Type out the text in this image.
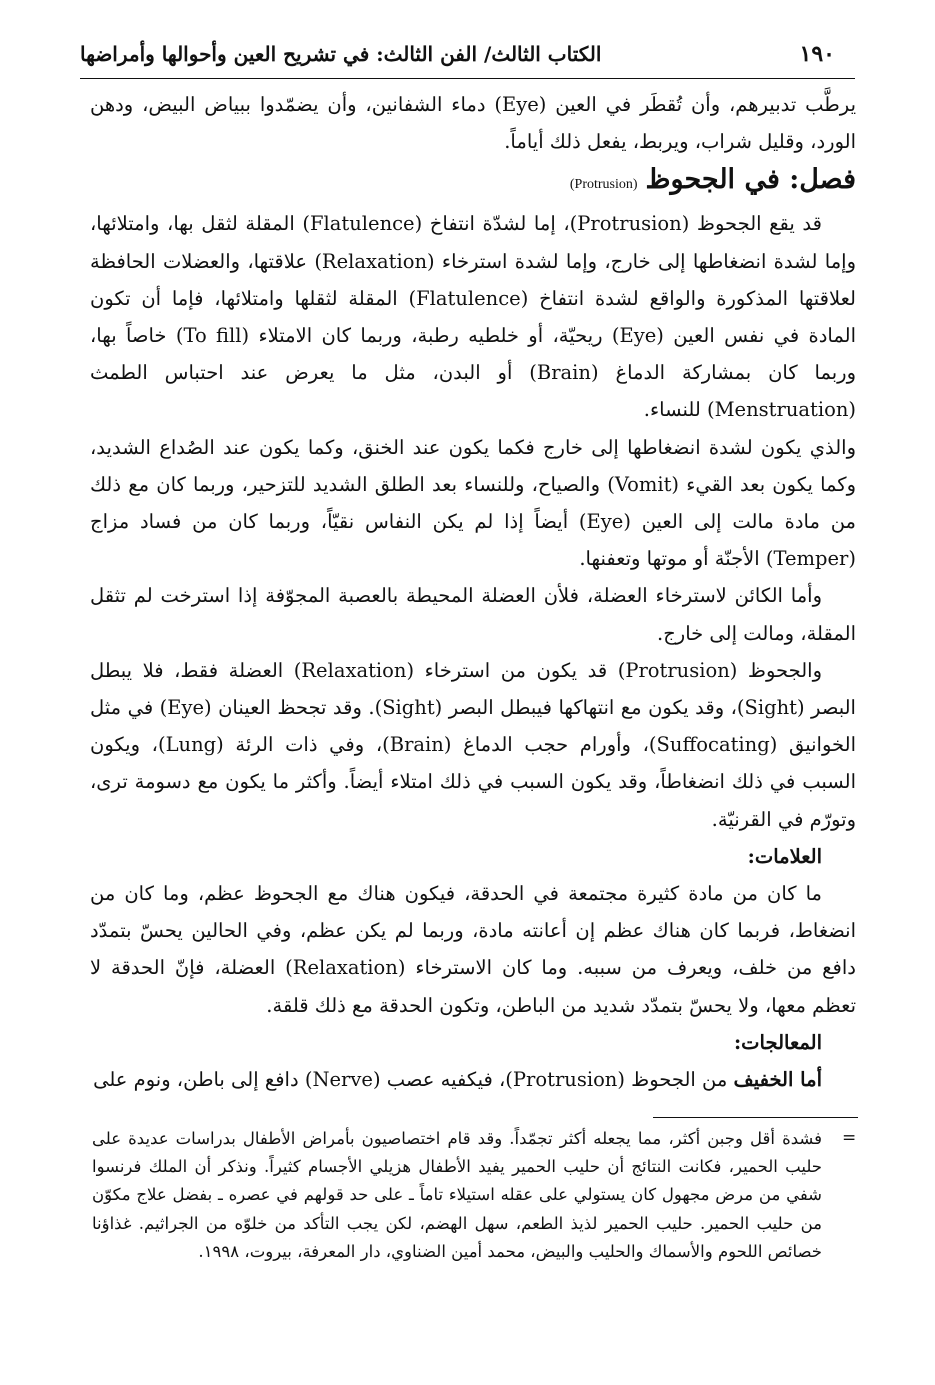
١٩٠
الكتاب الثالث/ الفن الثالث: في تشريح العين وأحوالها وأمراضها

يرطَّب تدبيرهم، وأن تُقطَر في العين (Eye) دماء الشفانين، وأن يضمّدوا ببياض البيض، ودهن الورد، وقليل شراب، ويربط، يفعل ذلك أياماً.

فصل: في الجحوظ(Protrusion)

قد يقع الجحوظ (Protrusion)، إما لشدّة انتفاخ (Flatulence) المقلة لثقل بها، وامتلائها، وإما لشدة انضغاطها إلى خارج، وإما لشدة استرخاء (Relaxation) علاقتها، والعضلات الحافظة لعلاقتها المذكورة والواقع لشدة انتفاخ (Flatulence) المقلة لثقلها وامتلائها، فإما أن تكون المادة في نفس العين (Eye) ريحيّة، أو خلطيه رطبة، وربما كان الامتلاء (To fill) خاصاً بها، وربما كان بمشاركة الدماغ (Brain) أو البدن، مثل ما يعرض عند احتباس الطمث (Menstruation) للنساء.

والذي يكون لشدة انضغاطها إلى خارج فكما يكون عند الخنق، وكما يكون عند الصُداع الشديد، وكما يكون بعد القيء (Vomit) والصياح، وللنساء بعد الطلق الشديد للتزحير، وربما كان مع ذلك من مادة مالت إلى العين (Eye) أيضاً إذا لم يكن النفاس نقيّاً، وربما كان من فساد مزاج (Temper) الأجنّة أو موتها وتعفنها.

وأما الكائن لاسترخاء العضلة، فلأن العضلة المحيطة بالعصبة المجوّفة إذا استرخت لم تثقل المقلة، ومالت إلى خارج.

والجحوظ (Protrusion) قد يكون من استرخاء (Relaxation) العضلة فقط، فلا يبطل البصر (Sight)، وقد يكون مع انتهاكها فيبطل البصر (Sight). وقد تجحظ العينان (Eye) في مثل الخوانيق (Suffocating)، وأورام حجب الدماغ (Brain)، وفي ذات الرئة (Lung)، ويكون السبب في ذلك انضغاطاً، وقد يكون السبب في ذلك امتلاء أيضاً. وأكثر ما يكون مع دسومة ترى، وتورّم في القرنيّة.

العلامات:

ما كان من مادة كثيرة مجتمعة في الحدقة، فيكون هناك مع الجحوظ عظم، وما كان من انضغاط، فربما كان هناك عظم إن أعانته مادة، وربما لم يكن عظم، وفي الحالين يحسّ بتمدّد دافع من خلف، ويعرف من سببه. وما كان الاسترخاء (Relaxation) العضلة، فإنّ الحدقة لا تعظم معها، ولا يحسّ بتمدّد شديد من الباطن، وتكون الحدقة مع ذلك قلقة.

المعالجات:

أما الخفيف من الجحوظ (Protrusion)، فيكفيه عصب (Nerve) دافع إلى باطن، ونوم على

=

فشدة أقل وجبن أكثر، مما يجعله أكثر تجمّداً. وقد قام اختصاصيون بأمراض الأطفال بدراسات عديدة على حليب الحمير، فكانت النتائج أن حليب الحمير يفيد الأطفال هزيلي الأجسام كثيراً. ونذكر أن الملك فرنسوا شفي من مرض مجهول كان يستولي على عقله استيلاء تاماً ـ على حد قولهم في عصره ـ بفضل علاج مكوّن من حليب الحمير. حليب الحمير لذيذ الطعم، سهل الهضم، لكن يجب التأكد من خلوّه من الجراثيم. غذاؤنا خصائص اللحوم والأسماك والحليب والبيض، محمد أمين الضناوي، دار المعرفة، بيروت، ١٩٩٨.
